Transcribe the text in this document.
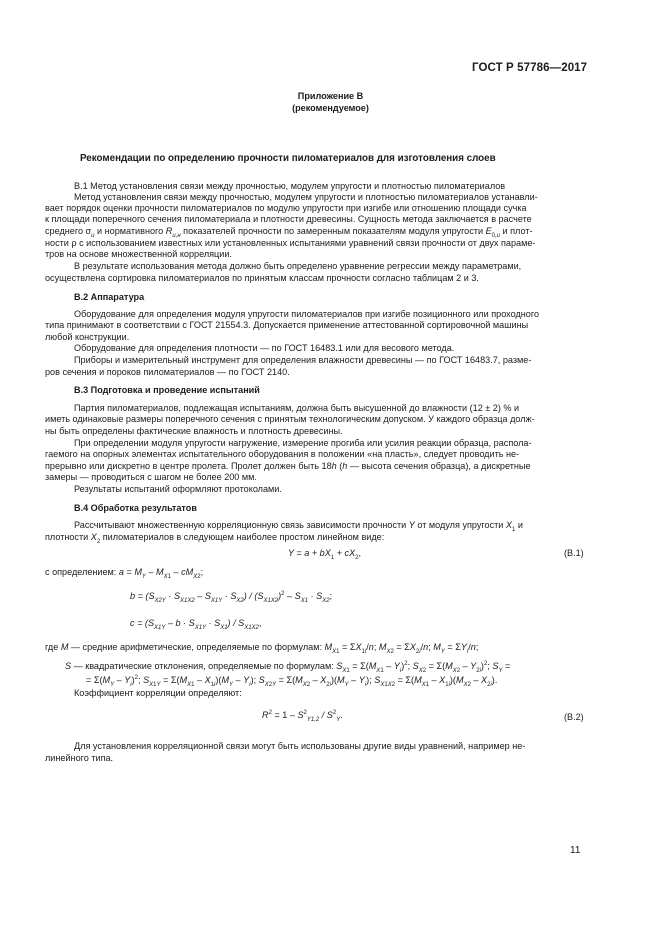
ГОСТ Р 57786—2017
Приложение В
(рекомендуемое)
Рекомендации по определению прочности пиломатериалов для изготовления слоев
В.1 Метод установления связи между прочностью, модулем упругости и плотностью пиломатериалов
Метод установления связи между прочностью, модулем упругости и плотностью пиломатериалов устанавли-
вает порядок оценки прочности пиломатериалов по модулю упругости при изгибе или отношению площади сучка
к площади поперечного сечения пиломатериала и плотности древесины. Сущность метода заключается в расчете
среднего $\sigma_и$ и нормативного $R_{и,н}$ показателей прочности по замеренным показателям модуля упругости $E_{0,и}$ и плот-
ности ρ с использованием известных или установленных испытаниями уравнений связи прочности от двух параме-
тров на основе множественной корреляции.
В результате использования метода должно быть определено уравнение регрессии между параметрами,
осуществлена сортировка пиломатериалов по принятым классам прочности согласно таблицам 2 и 3.
В.2 Аппаратура
Оборудование для определения модуля упругости пиломатериалов при изгибе позиционного или проходного
типа принимают в соответствии с ГОСТ 21554.3. Допускается применение аттестованной сортировочной машины
любой конструкции.
Оборудование для определения плотности — по ГОСТ 16483.1 или для весового метода.
Приборы и измерительный инструмент для определения влажности древесины — по ГОСТ 16483.7, разме-
ров сечения и пороков пиломатериалов — по ГОСТ 2140.
В.3 Подготовка и проведение испытаний
Партия пиломатериалов, подлежащая испытаниям, должна быть высушенной до влажности (12 ± 2) % и
иметь одинаковые размеры поперечного сечения с принятым технологическим допуском. У каждого образца долж-
ны быть определены фактические влажность и плотность древесины.
При определении модуля упругости нагружение, измерение прогиба или усилия реакции образца, распола-
гаемого на опорных элементах испытательного оборудования в положении «на пласть», следует проводить не-
прерывно или дискретно в центре пролета. Пролет должен быть 18h (h — высота сечения образца), а дискретные
замеры — проводиться с шагом не более 200 мм.
Результаты испытаний оформляют протоколами.
В.4 Обработка результатов
Рассчитывают множественную корреляционную связь зависимости прочности Y от модуля упругости $X_1$ и
плотности $X_2$ пиломатериалов в следующем наиболее простом линейном виде:
$Y = a + bX_1 + cX_2$,	(В.1)
с определением: $a = M_Y - M_{X1} - cM_{X2}$;
$b = (S_{X2Y} \cdot S_{X1X2} - S_{X1Y} \cdot S_{X2}) / (S_{X1X2})^2 - S_{X1} \cdot S_{X2}$;
$c = (S_{X1Y} - b \cdot S_{X1Y} \cdot S_{X1}) / S_{X1X2}$,
где M — средние арифметические, определяемые по формулам: $M_{X1} = \Sigma X_{1i}/n$; $M_{X2} = \Sigma X_{2i}/n$; $M_Y = \Sigma Y_i/n$;
S — квадратические отклонения, определяемые по формулам: $S_{X1} = \Sigma(M_{X1} - Y_i)^2$; $S_{X2} = \Sigma(M_{X2} - Y_{2i})^2$; $S_Y$ =
= $\Sigma(M_Y - Y_i)^2$; $S_{X1Y} = \Sigma(M_{X1} - X_{1i})(M_Y - Y_i)$; $S_{X2Y} = \Sigma(M_{X2} - X_{2i})(M_Y - Y_i)$; $S_{X1X2} = \Sigma(M_{X1} - X_{1i})(M_{X2} - X_{2i})$.
Коэффициент корреляции определяют:
$R^2 = 1 - S^2_{Y1,2} / S^2_Y$.	(В.2)
Для установления корреляционной связи могут быть использованы другие виды уравнений, например не-
линейного типа.
11
